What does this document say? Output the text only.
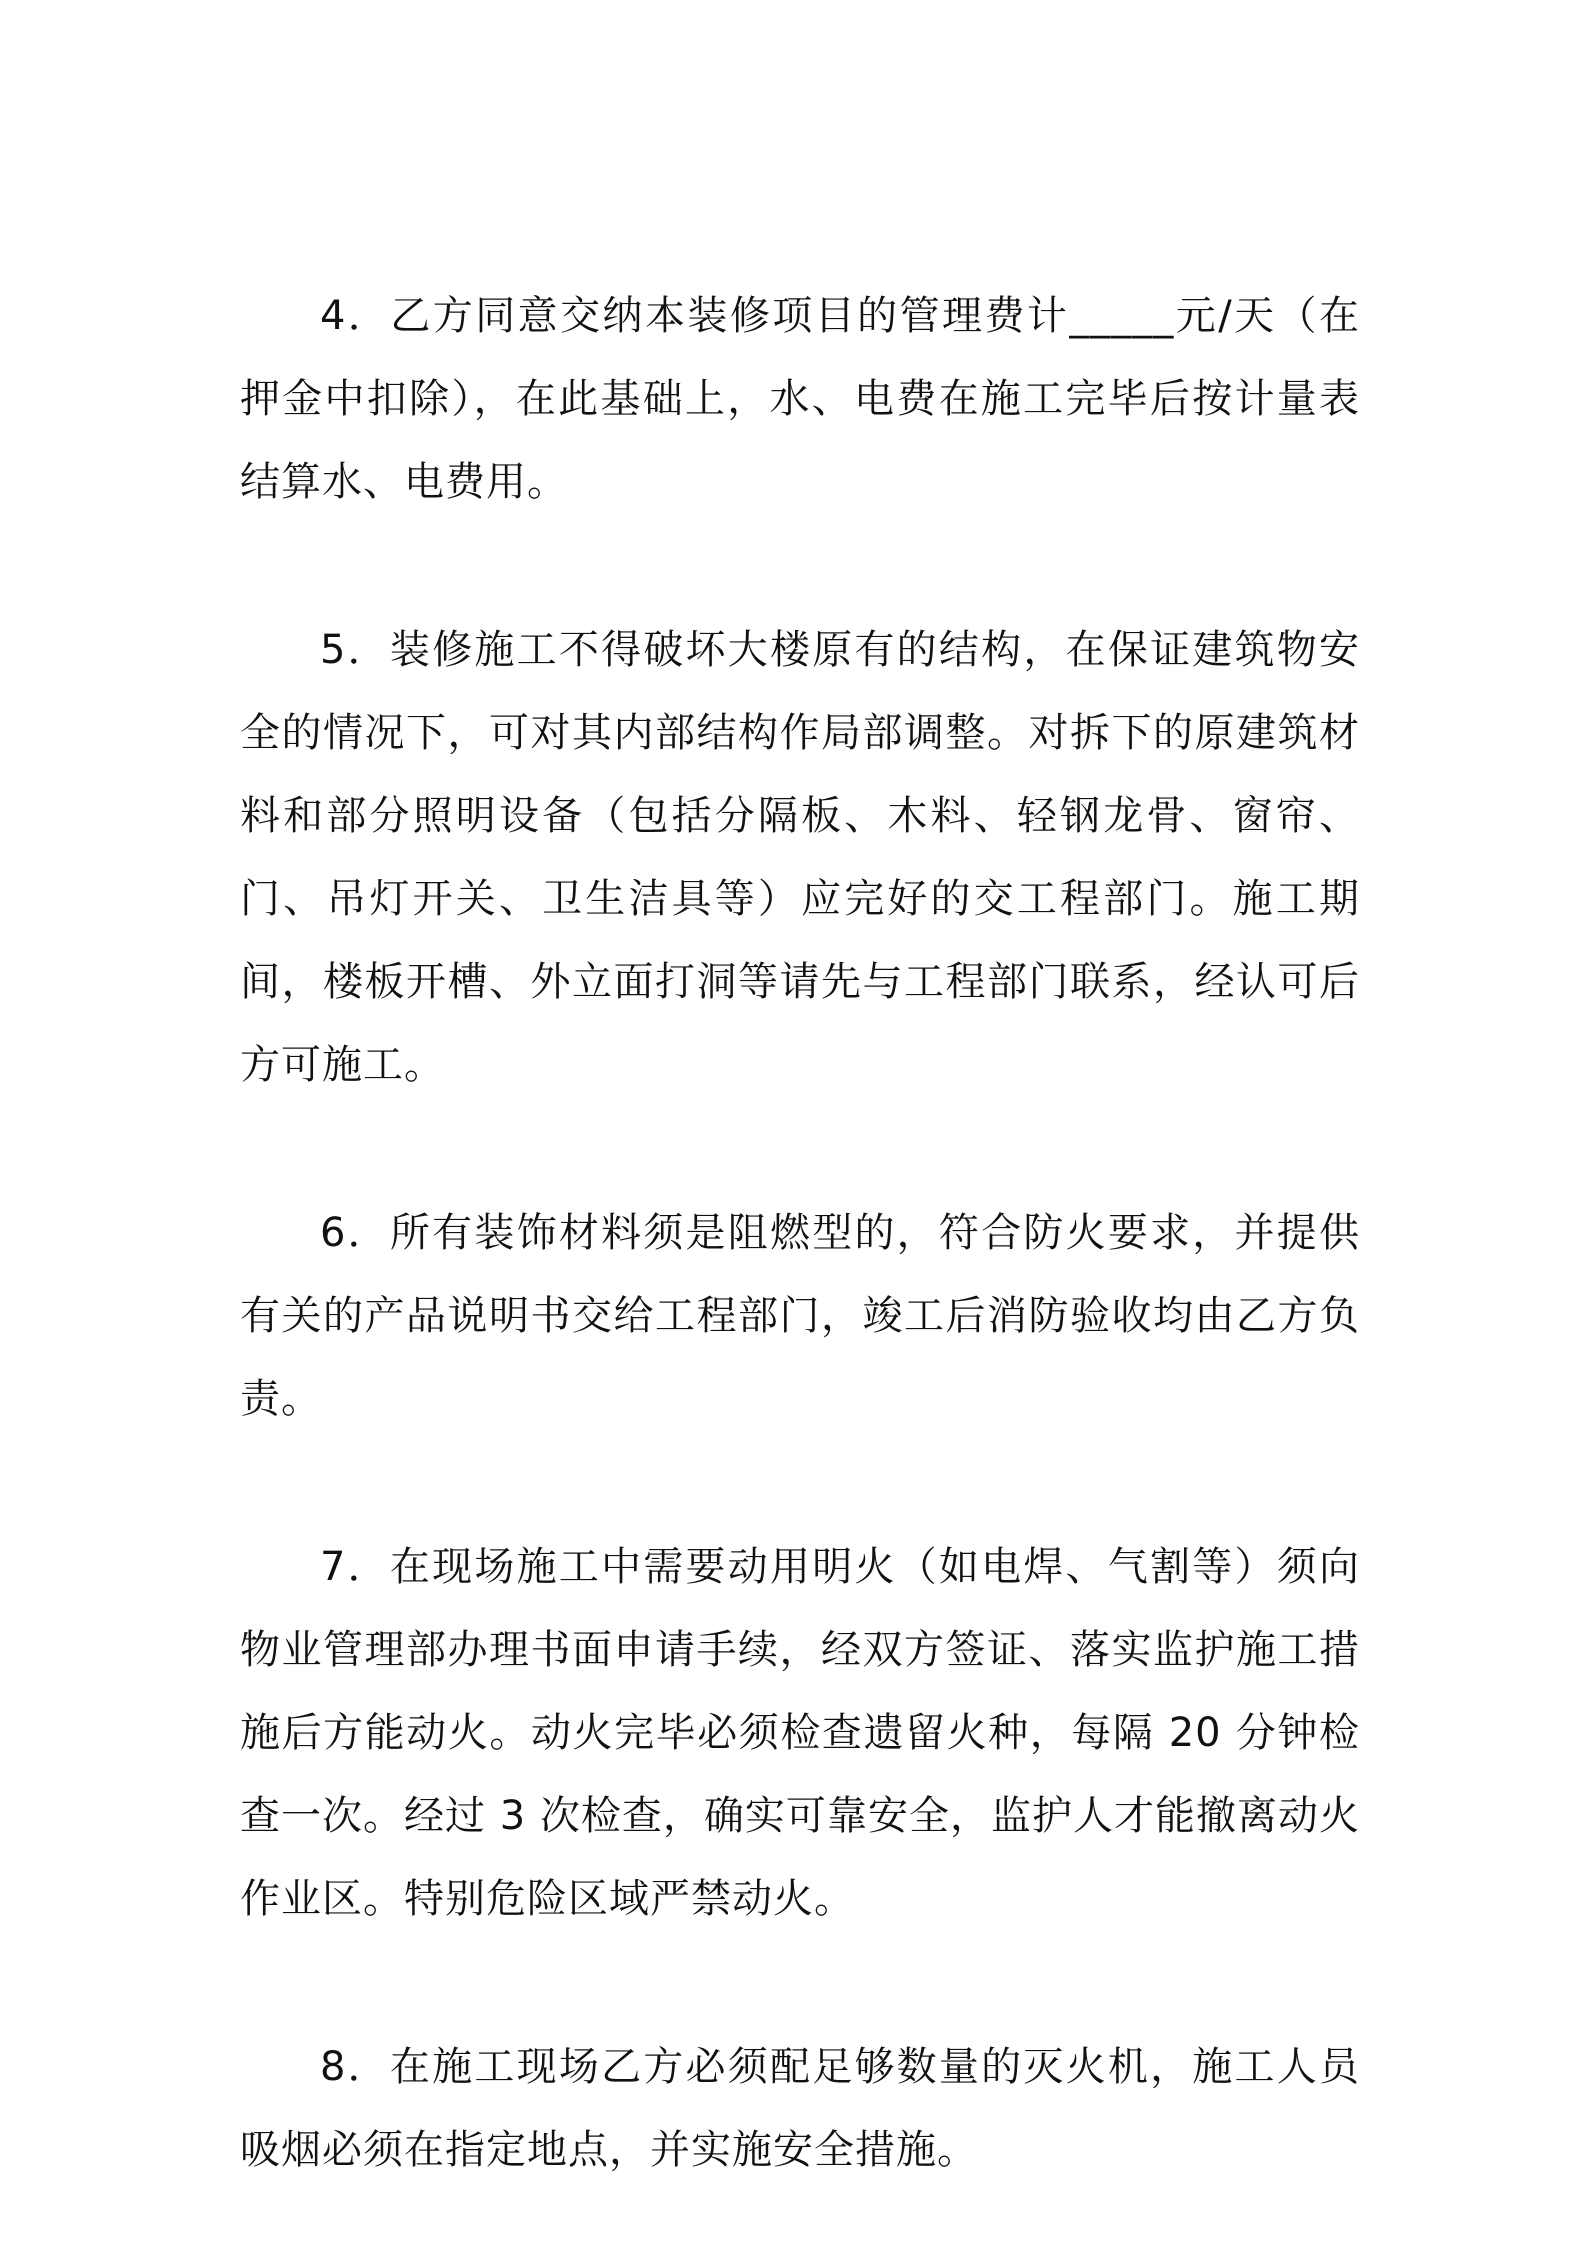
4．乙方同意交纳本装修项目的管理费计_____元/天（在押金中扣除），在此基础上，水、电费在施工完毕后按计量表结算水、电费用。

5．装修施工不得破坏大楼原有的结构，在保证建筑物安全的情况下，可对其内部结构作局部调整。对拆下的原建筑材料和部分照明设备（包括分隔板、木料、轻钢龙骨、窗帘、门、吊灯开关、卫生洁具等）应完好的交工程部门。施工期间，楼板开槽、外立面打洞等请先与工程部门联系，经认可后方可施工。

6．所有装饰材料须是阻燃型的，符合防火要求，并提供有关的产品说明书交给工程部门，竣工后消防验收均由乙方负责。

7．在现场施工中需要动用明火（如电焊、气割等）须向物业管理部办理书面申请手续，经双方签证、落实监护施工措施后方能动火。动火完毕必须检查遗留火种，每隔 20 分钟检查一次。经过 3 次检查，确实可靠安全，监护人才能撤离动火作业区。特别危险区域严禁动火。

8．在施工现场乙方必须配足够数量的灭火机，施工人员吸烟必须在指定地点，并实施安全措施。
